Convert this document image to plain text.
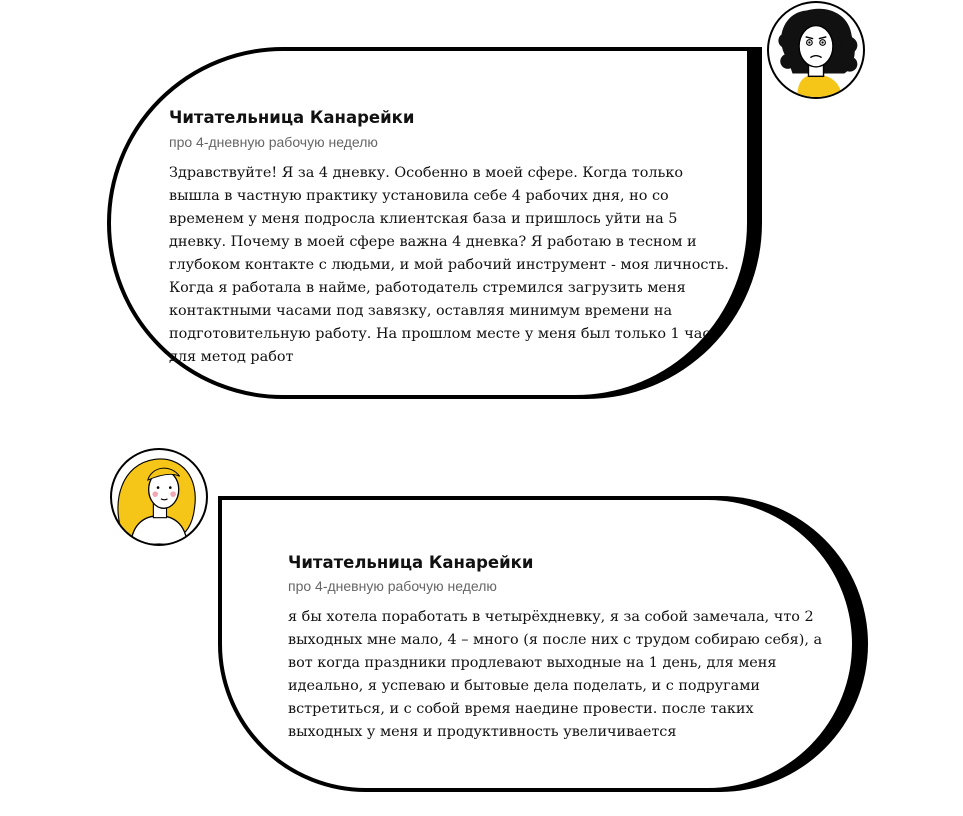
Читательница Канарейки
про 4-дневную рабочую неделю

Здравствуйте! Я за 4 дневку. Особенно в моей сфере. Когда только вышла в частную практику установила себе 4 рабочих дня, но со временем у меня подросла клиентская база и пришлось уйти на 5 дневку. Почему в моей сфере важна 4 дневка? Я работаю в тесном и глубоком контакте с людьми, и мой рабочий инструмент - моя личность. Когда я работала в найме, работодатель стремился загрузить меня контактными часами под завязку, оставляя минимум времени на подготовительную работу. На прошлом месте у меня был только 1 час для метод работ

Читательница Канарейки
про 4-дневную рабочую неделю

я бы хотела поработать в четырёхдневку, я за собой замечала, что 2 выходных мне мало, 4 – много (я после них с трудом собираю себя), а вот когда праздники продлевают выходные на 1 день, для меня идеально, я успеваю и бытовые дела поделать, и с подругами встретиться, и с собой время наедине провести. после таких выходных у меня и продуктивность увеличивается
